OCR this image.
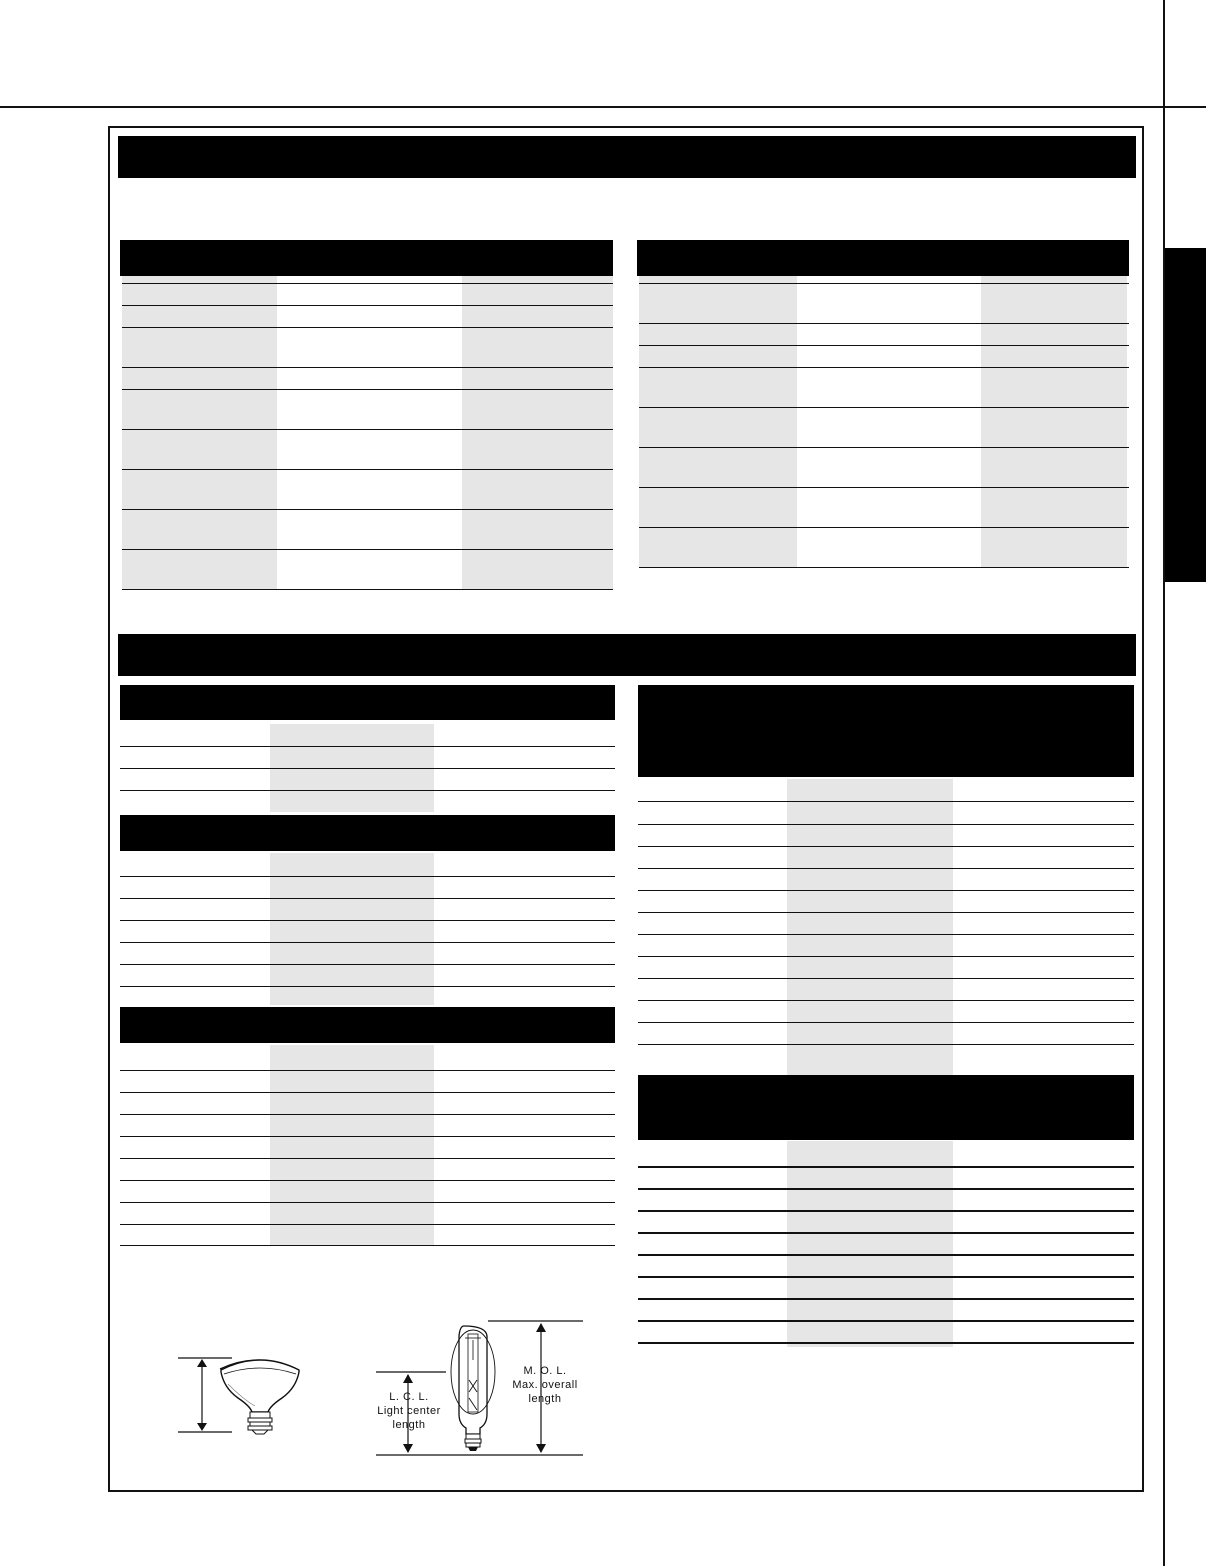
L. C. L.
Light center
length
M. O. L.
Max. overall
length
